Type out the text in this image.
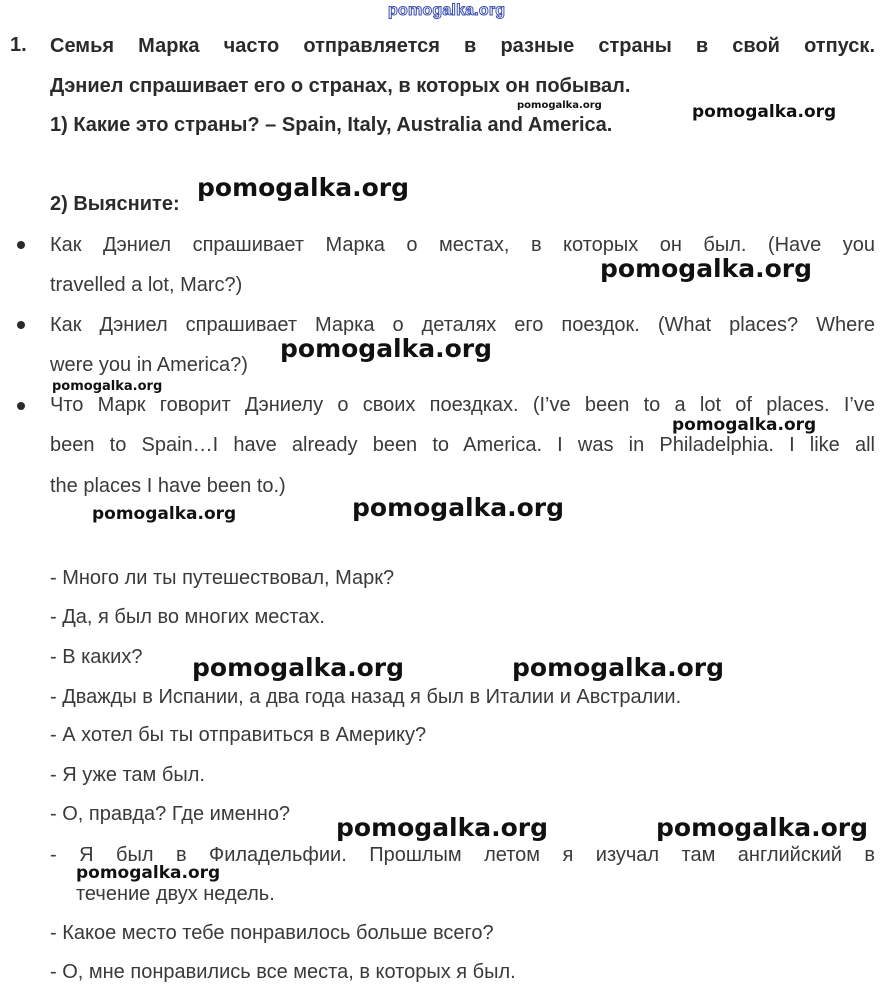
pomogalka.org
1. Семья Марка часто отправляется в разные страны в свой отпуск.
Дэниел спрашивает его о странах, в которых он побывал.
1) Какие это страны? – Spain, Italy, Australia and America.
2) Выясните:
Как Дэниел спрашивает Марка о местах, в которых он был. (Have you
travelled a lot, Marc?)
Как Дэниел спрашивает Марка о деталях его поездок. (What places? Where
were you in America?)
Что Марк говорит Дэниелу о своих поездках. (I’ve been to a lot of places. I’ve
been to Spain…I have already been to America. I was in Philadelphia. I like all
the places I have been to.)
- Много ли ты путешествовал, Марк?
- Да, я был во многих местах.
- В каких?
- Дважды в Испании, а два года назад я был в Италии и Австралии.
- А хотел бы ты отправиться в Америку?
- Я уже там был.
- О, правда? Где именно?
- Я был в Филадельфии. Прошлым летом я изучал там английский в
течение двух недель.
- Какое место тебе понравилось больше всего?
- О, мне понравились все места, в которых я был.
pomogalka.org	pomogalka.org
pomogalka.org
pomogalka.org
pomogalka.org
pomogalka.org
pomogalka.org
pomogalka.org	pomogalka.org
pomogalka.org	pomogalka.org
pomogalka.org	pomogalka.org
pomogalka.org
